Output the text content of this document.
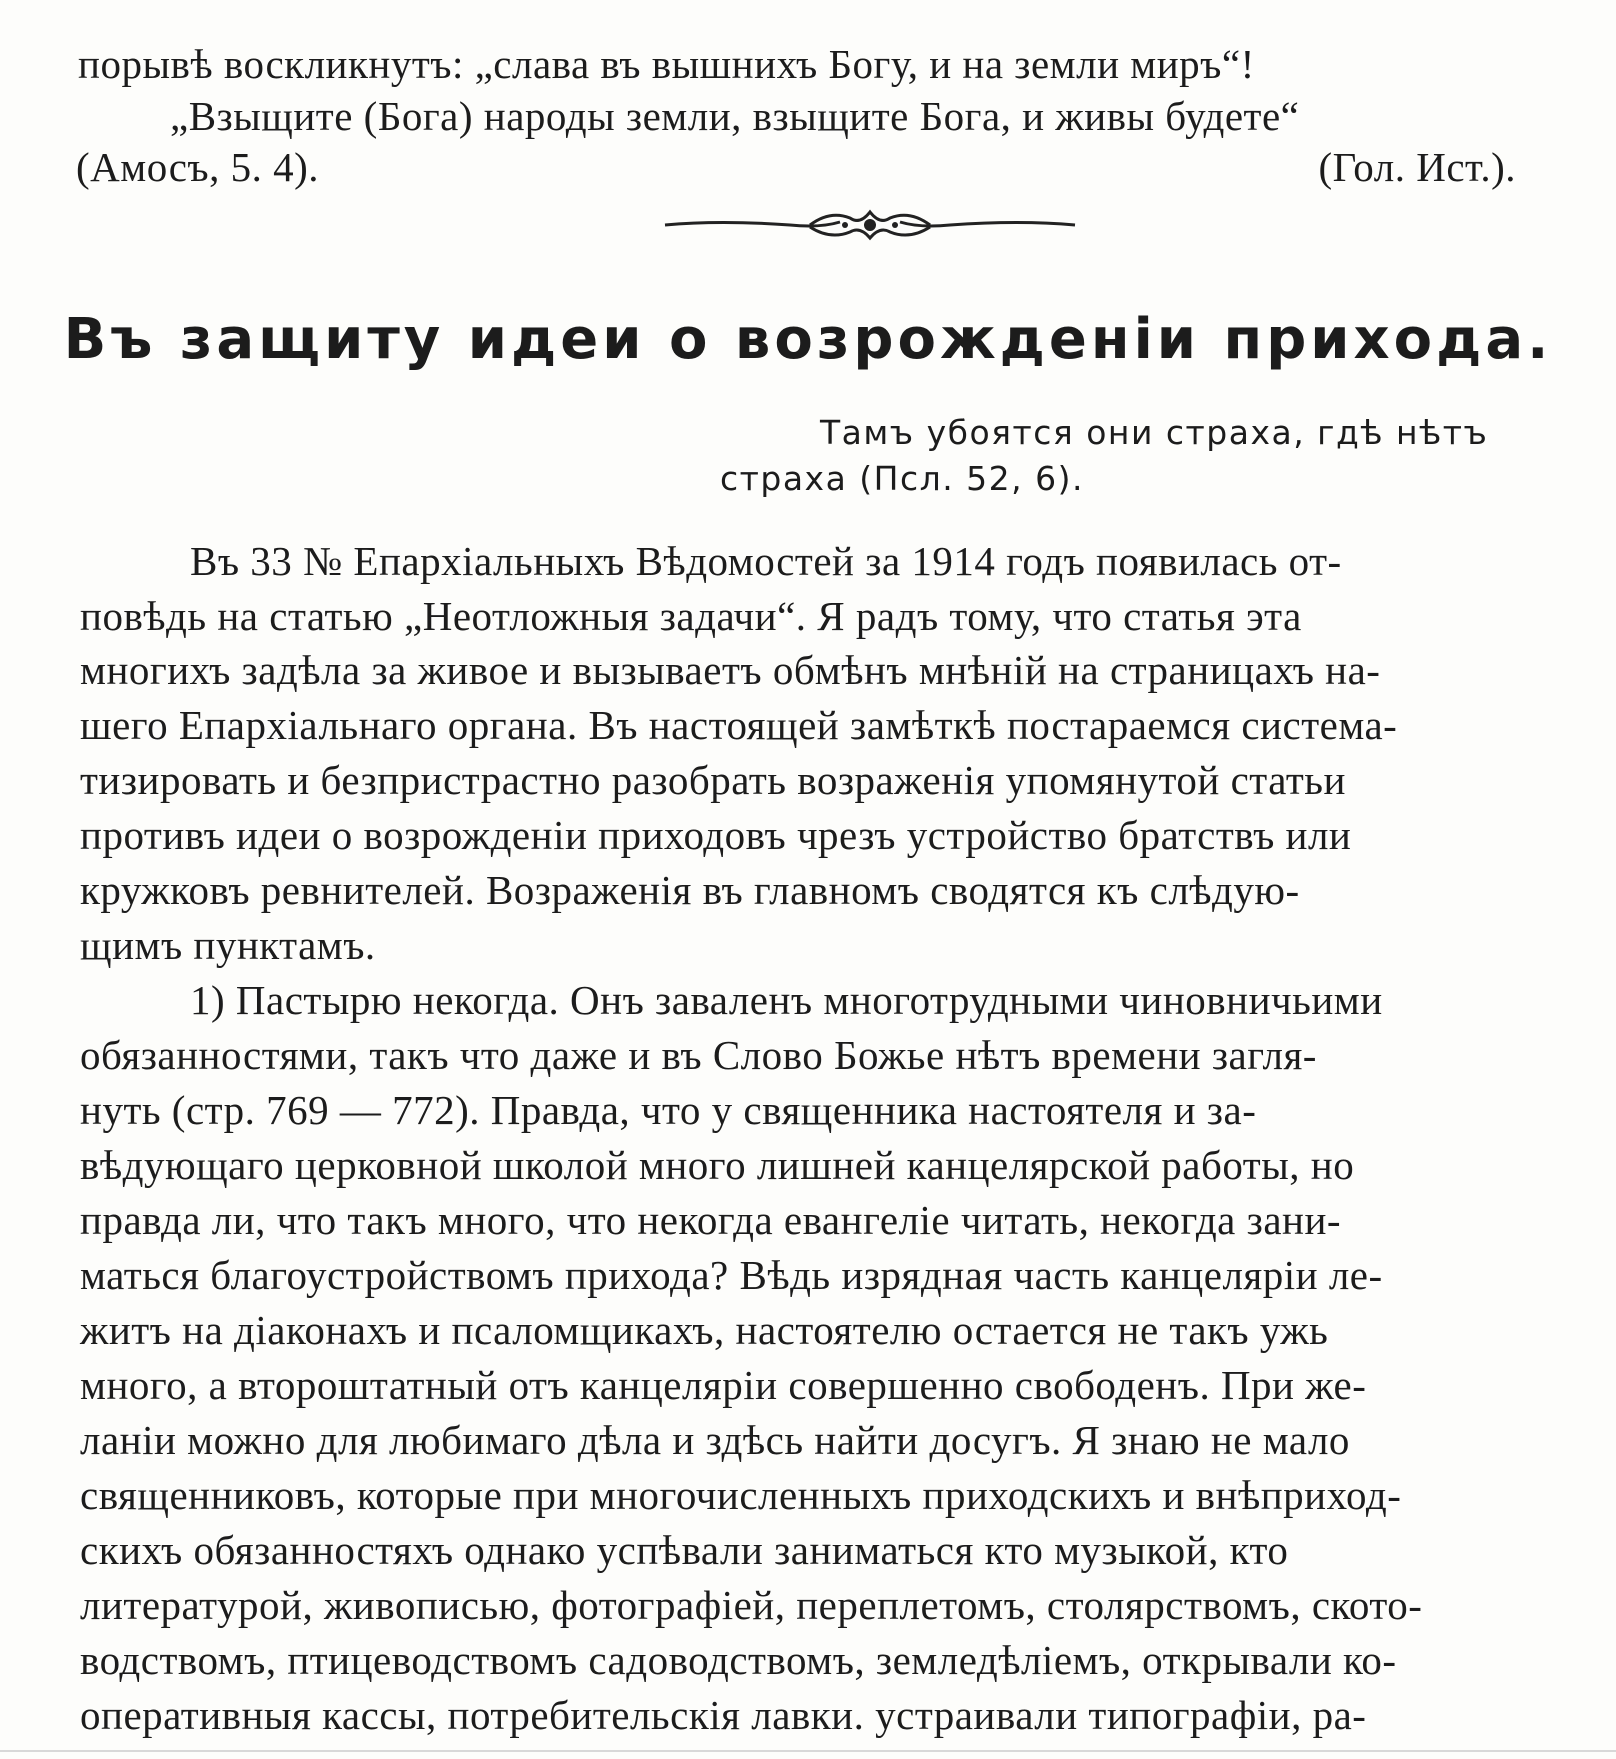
порывѣ воскликнутъ: „слава въ вышнихъ Богу, и на земли миръ“!
„Взыщите (Бога) народы земли, взыщите Бога, и живы будете“
(Амосъ, 5. 4).	(Гол. Ист.).
Въ защиту идеи о возрожденіи прихода.
Тамъ убоятся они страха, гдѣ нѣтъ
страха (Псл. 52, 6).
Въ 33 № Епархіальныхъ Вѣдомостей за 1914 годъ появилась от-
повѣдь на статью „Неотложныя задачи“. Я радъ тому, что статья эта
многихъ задѣла за живое и вызываетъ обмѣнъ мнѣній на страницахъ на-
шего Епархіальнаго органа. Въ настоящей замѣткѣ постараемся система-
тизировать и безпристрастно разобрать возраженія упомянутой статьи
противъ идеи о возрожденіи приходовъ чрезъ устройство братствъ или
кружковъ ревнителей. Возраженія въ главномъ сводятся къ слѣдую-
щимъ пунктамъ.
1) Пастырю некогда. Онъ заваленъ многотрудными чиновничьими
обязанностями, такъ что даже и въ Слово Божье нѣтъ времени загля-
нуть (стр. 769 — 772). Правда, что у священника настоятеля и за-
вѣдующаго церковной школой много лишней канцелярской работы, но
правда ли, что такъ много, что некогда евангеліе читать, некогда зани-
маться благоустройствомъ прихода? Вѣдь изрядная часть канцеляріи ле-
житъ на діаконахъ и псаломщикахъ, настоятелю остается не такъ ужь
много, а второштатный отъ канцеляріи совершенно свободенъ. При же-
ланіи можно для любимаго дѣла и здѣсь найти досугъ. Я знаю не мало
священниковъ, которые при многочисленныхъ приходскихъ и внѣприход-
скихъ обязанностяхъ однако успѣвали заниматься кто музыкой, кто
литературой, живописью, фотографіей, переплетомъ, столярствомъ, ското-
водствомъ, птицеводствомъ садоводствомъ, земледѣліемъ, открывали ко-
оперативныя кассы, потребительскія лавки. устраивали типографіи, ра-
